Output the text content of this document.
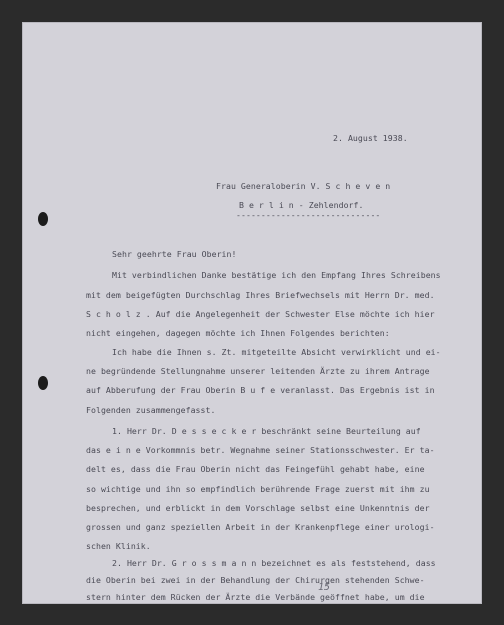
2. August 1938.
Frau Generaloberin V. S c h e v e n
B e r l i n - Zehlendorf.
-----------------------------
Sehr geehrte Frau Oberin!
Mit verbindlichen Danke bestätige ich den Empfang Ihres Schreibens
mit dem beigefügten Durchschlag Ihres Briefwechsels mit Herrn Dr. med.
S c h o l z . Auf die Angelegenheit der Schwester Else möchte ich hier
nicht eingehen, dagegen möchte ich Ihnen Folgendes berichten:
Ich habe die Ihnen s. Zt. mitgeteilte Absicht verwirklicht und ei-
ne begründende Stellungnahme unserer leitenden Ärzte zu ihrem Antrage
auf Abberufung der Frau Oberin B u f e veranlasst. Das Ergebnis ist in
Folgenden zusammengefasst.
1. Herr Dr. D e s s e c k e r beschränkt seine Beurteilung auf
das e i n e Vorkommnis betr. Wegnahme seiner Stationsschwester. Er ta-
delt es, dass die Frau Oberin nicht das Feingefühl gehabt habe, eine
so wichtige und ihn so empfindlich berührende Frage zuerst mit ihm zu
besprechen, und erblickt in dem Vorschlage selbst eine Unkenntnis der
grossen und ganz speziellen Arbeit in der Krankenpflege einer urologi-
schen Klinik.
2. Herr Dr. G r o s s m a n n bezeichnet es als feststehend, dass
die Oberin bei zwei in der Behandlung der Chirurgen stehenden Schwe-
stern hinter dem Rücken der Ärzte die Verbände geöffnet habe, um die
15
